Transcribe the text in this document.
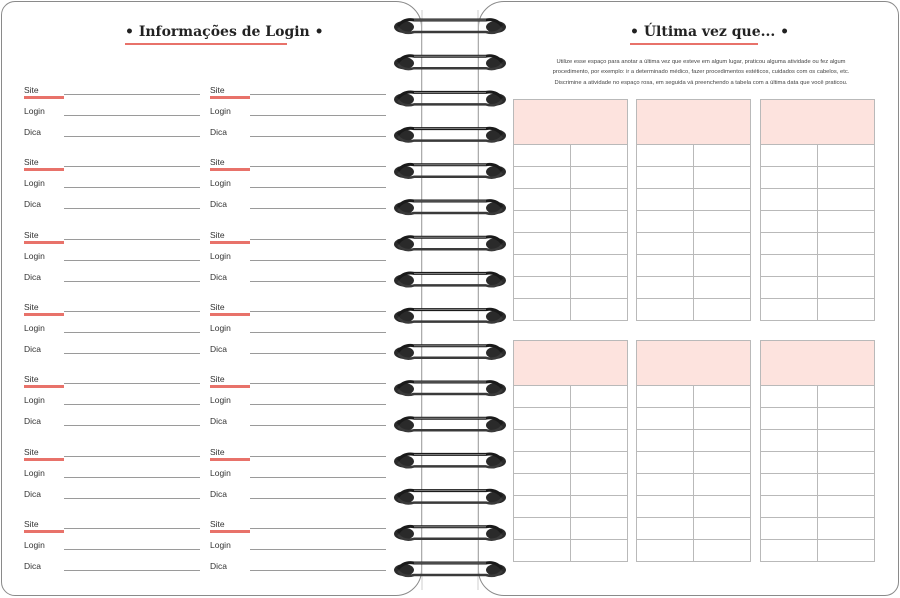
• Informações de Login •
Site
Login
Dica
Site
Login
Dica
Site
Login
Dica
Site
Login
Dica
Site
Login
Dica
Site
Login
Dica
Site
Login
Dica
Site
Login
Dica
Site
Login
Dica
Site
Login
Dica
Site
Login
Dica
Site
Login
Dica
Site
Login
Dica
Site
Login
Dica
• Última vez que... •

Utilize esse espaço para anotar a última vez que esteve em algum lugar, praticou alguma atividade ou fez algum

procedimento, por exemplo: ir a determinado médico, fazer procedimentos estéticos, cuidados com os cabelos, etc.

Discrimine a atividade no espaço rosa, em seguida vá preenchendo a tabela com a última data que você praticou.
